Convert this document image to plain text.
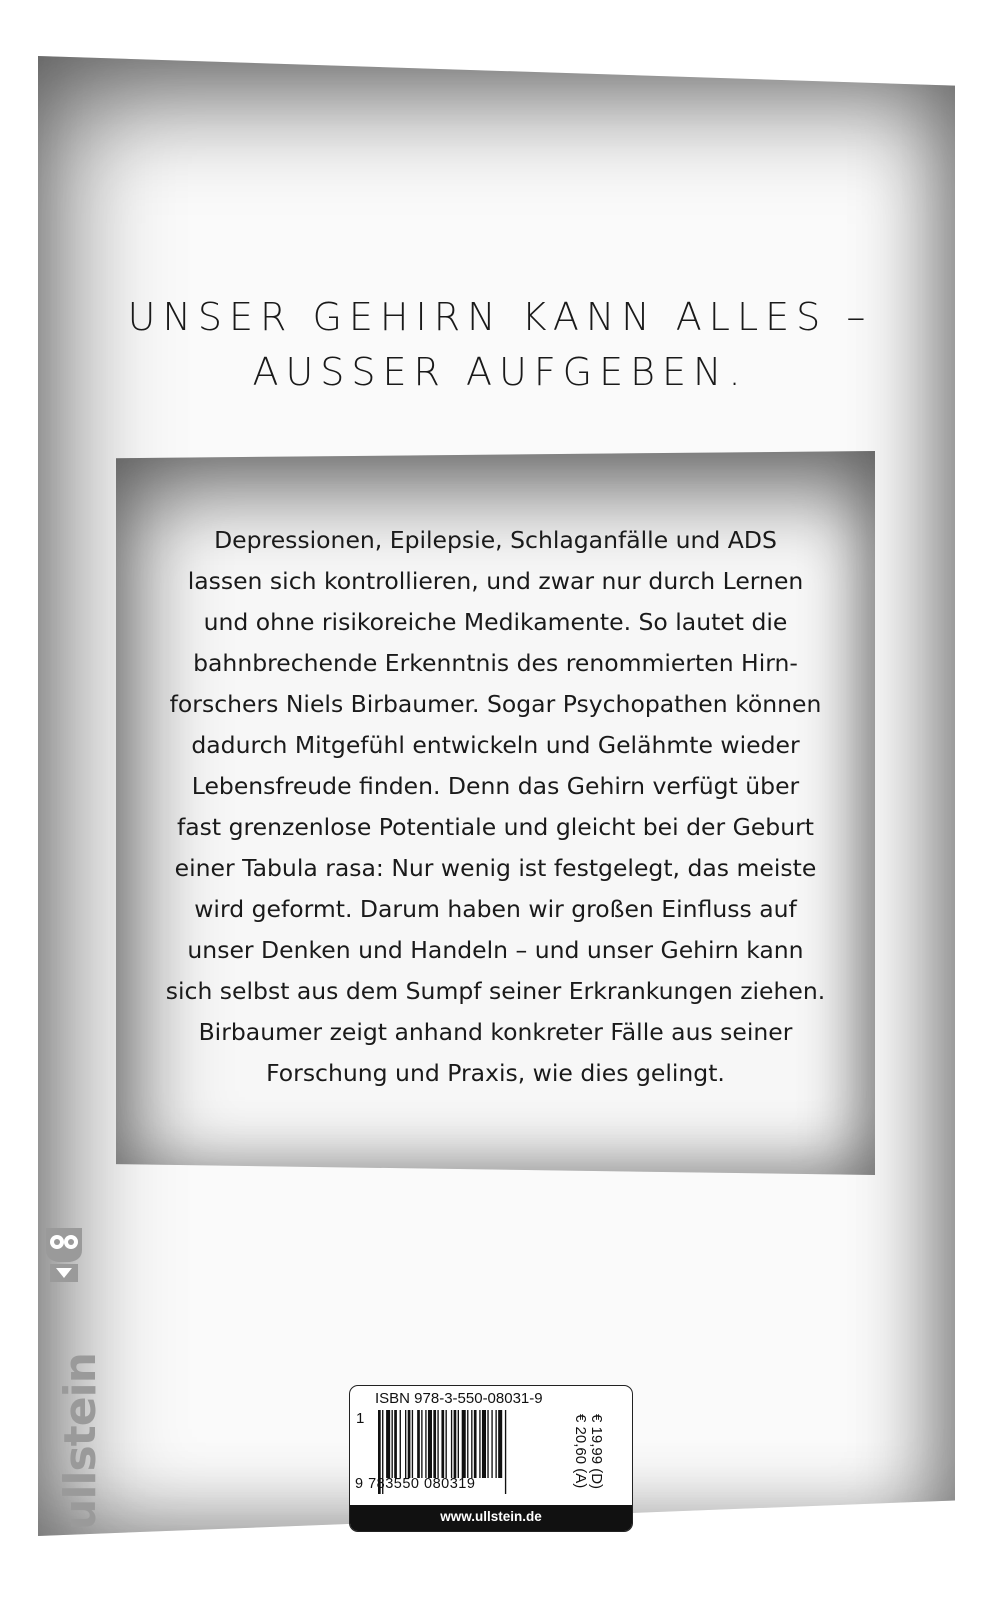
UNSER GEHIRN KANN ALLES –
AUSSER AUFGEBEN.
Depressionen, Epilepsie, Schlaganfälle und ADS
lassen sich kontrollieren, und zwar nur durch Lernen
und ohne risikoreiche Medikamente. So lautet die
bahnbrechende Erkenntnis des renommierten Hirn-
forschers Niels Birbaumer. Sogar Psychopathen können
dadurch Mitgefühl entwickeln und Gelähmte wieder
Lebensfreude finden. Denn das Gehirn verfügt über
fast grenzenlose Potentiale und gleicht bei der Geburt
einer Tabula rasa: Nur wenig ist festgelegt, das meiste
wird geformt. Darum haben wir großen Einfluss auf
unser Denken und Handeln – und unser Gehirn kann
sich selbst aus dem Sumpf seiner Erkrankungen ziehen.
Birbaumer zeigt anhand konkreter Fälle aus seiner
Forschung und Praxis, wie dies gelingt.
ullstein	ISBN 978-3-550-08031-9
1
9 783550 080319	€ 19,99 (D)
€ 20,60 (A)
www.ullstein.de
